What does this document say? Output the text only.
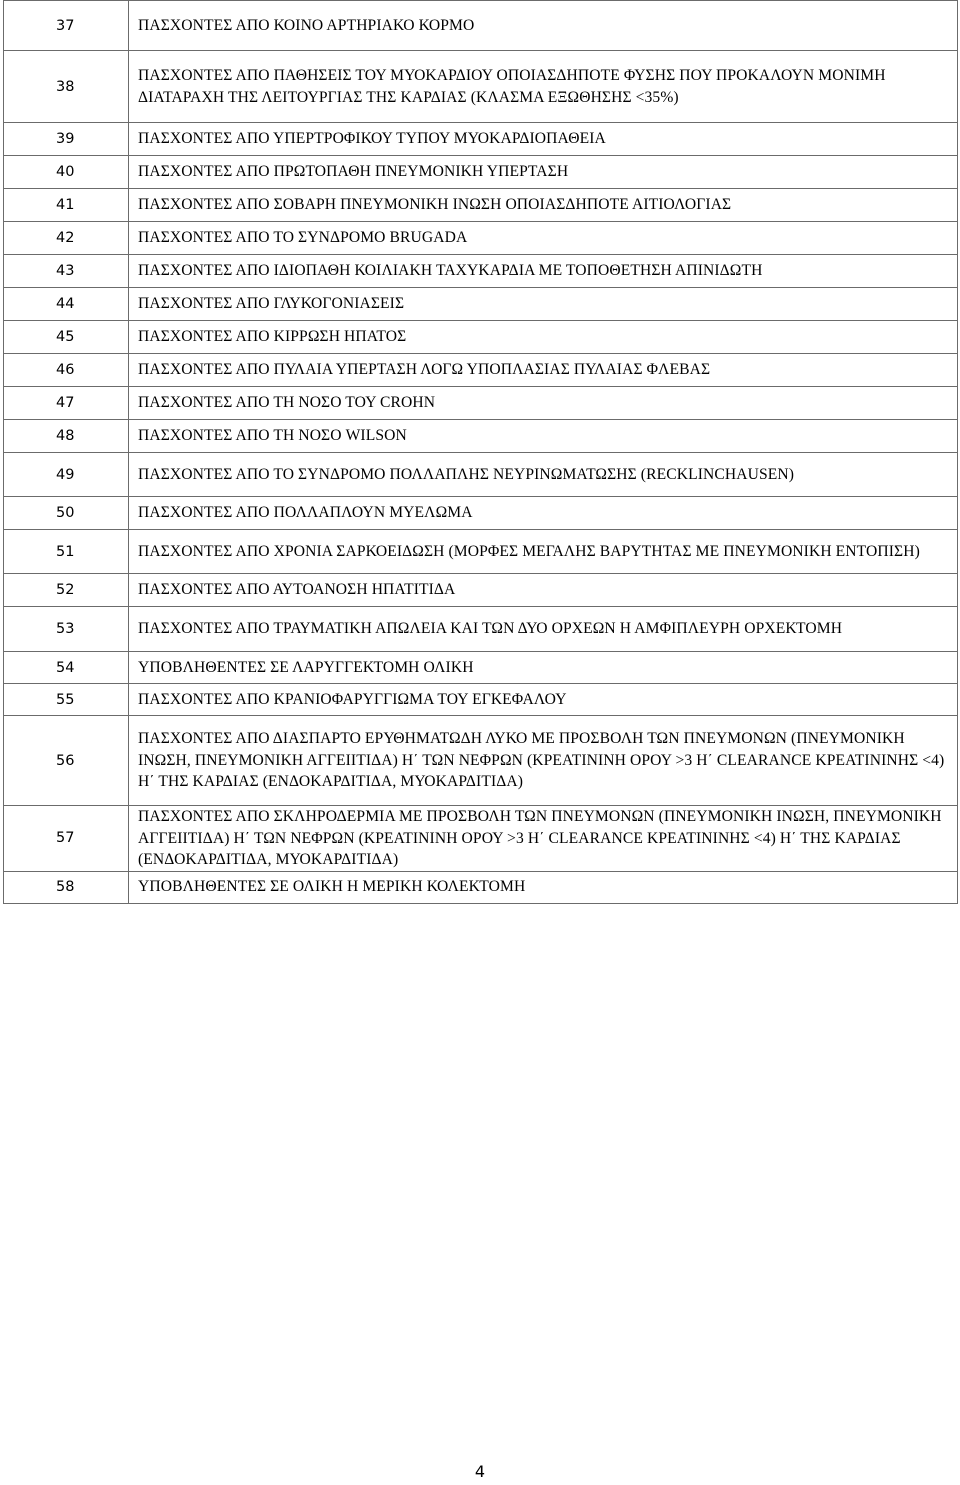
37	ΠΑΣΧΟΝΤΕΣ ΑΠΟ ΚΟΙΝΟ ΑΡΤΗΡΙΑΚΟ ΚΟΡΜΟ
38	ΠΑΣΧΟΝΤΕΣ ΑΠΟ ΠΑΘΗΣΕΙΣ ΤΟΥ ΜΥΟΚΑΡΔΙΟΥ ΟΠΟΙΑΣΔΗΠΟΤΕ ΦΥΣΗΣ ΠΟΥ ΠΡΟΚΑΛΟΥΝ ΜΟΝΙΜΗ ΔΙΑΤΑΡΑΧΗ ΤΗΣ ΛΕΙΤΟΥΡΓΙΑΣ ΤΗΣ ΚΑΡΔΙΑΣ (ΚΛΑΣΜΑ ΕΞΩΘΗΣΗΣ <35%)
39	ΠΑΣΧΟΝΤΕΣ ΑΠΟ ΥΠΕΡΤΡΟΦΙΚΟΥ ΤΥΠΟΥ ΜΥΟΚΑΡΔΙΟΠΑΘΕΙΑ
40	ΠΑΣΧΟΝΤΕΣ ΑΠΟ ΠΡΩΤΟΠΑΘΗ ΠΝΕΥΜΟΝΙΚΗ ΥΠΕΡΤΑΣΗ
41	ΠΑΣΧΟΝΤΕΣ ΑΠΟ ΣΟΒΑΡΗ ΠΝΕΥΜΟΝΙΚΗ ΙΝΩΣΗ ΟΠΟΙΑΣΔΗΠΟΤΕ ΑΙΤΙΟΛΟΓΙΑΣ
42	ΠΑΣΧΟΝΤΕΣ ΑΠΟ ΤΟ ΣΥΝΔΡΟΜΟ BRUGADA
43	ΠΑΣΧΟΝΤΕΣ ΑΠΟ ΙΔΙΟΠΑΘΗ ΚΟΙΛΙΑΚΗ ΤΑΧΥΚΑΡΔΙΑ ΜΕ ΤΟΠΟΘΕΤΗΣΗ ΑΠΙΝΙΔΩΤΗ
44	ΠΑΣΧΟΝΤΕΣ ΑΠΟ ΓΛΥΚΟΓΟΝΙΑΣΕΙΣ
45	ΠΑΣΧΟΝΤΕΣ ΑΠΟ ΚΙΡΡΩΣΗ ΗΠΑΤΟΣ
46	ΠΑΣΧΟΝΤΕΣ ΑΠΟ ΠΥΛΑΙΑ ΥΠΕΡΤΑΣΗ ΛΟΓΩ ΥΠΟΠΛΑΣΙΑΣ ΠΥΛΑΙΑΣ ΦΛΕΒΑΣ
47	ΠΑΣΧΟΝΤΕΣ ΑΠΟ ΤΗ ΝΟΣΟ ΤΟΥ CROHN
48	ΠΑΣΧΟΝΤΕΣ ΑΠΟ ΤΗ ΝΟΣΟ WILSON
49	ΠΑΣΧΟΝΤΕΣ ΑΠΟ ΤΟ ΣΥΝΔΡΟΜΟ ΠΟΛΛΑΠΛΗΣ ΝΕΥΡΙΝΩΜΑΤΩΣΗΣ (RECKLINCHAUSEN)
50	ΠΑΣΧΟΝΤΕΣ ΑΠΟ ΠΟΛΛΑΠΛΟΥΝ ΜΥΕΛΩΜΑ
51	ΠΑΣΧΟΝΤΕΣ ΑΠΟ ΧΡΟΝΙΑ ΣΑΡΚΟΕΙΔΩΣΗ (ΜΟΡΦΕΣ ΜΕΓΑΛΗΣ ΒΑΡΥΤΗΤΑΣ ΜΕ ΠΝΕΥΜΟΝΙΚΗ ΕΝΤΟΠΙΣΗ)
52	ΠΑΣΧΟΝΤΕΣ ΑΠΟ ΑΥΤΟΑΝΟΣΗ ΗΠΑΤΙΤΙΔΑ
53	ΠΑΣΧΟΝΤΕΣ ΑΠΟ ΤΡΑΥΜΑΤΙΚΗ ΑΠΩΛΕΙΑ ΚΑΙ ΤΩΝ ΔΥΟ ΟΡΧΕΩΝ Η ΑΜΦΙΠΛΕΥΡΗ ΟΡΧΕΚΤΟΜΗ
54	ΥΠΟΒΛΗΘΕΝΤΕΣ ΣΕ ΛΑΡΥΓΓΕΚΤΟΜΗ ΟΛΙΚΗ
55	ΠΑΣΧΟΝΤΕΣ ΑΠΟ ΚΡΑΝΙΟΦΑΡΥΓΓΙΩΜΑ ΤΟΥ ΕΓΚΕΦΑΛΟΥ
56	ΠΑΣΧΟΝΤΕΣ ΑΠΟ ΔΙΑΣΠΑΡΤΟ ΕΡΥΘΗΜΑΤΩΔΗ ΛΥΚΟ ΜΕ ΠΡΟΣΒΟΛΗ ΤΩΝ ΠΝΕΥΜΟΝΩΝ (ΠΝΕΥΜΟΝΙΚΗ ΙΝΩΣΗ, ΠΝΕΥΜΟΝΙΚΗ ΑΓΓΕΙΙΤΙΔΑ) Η΄ ΤΩΝ ΝΕΦΡΩΝ (ΚΡΕΑΤΙΝΙΝΗ ΟΡΟΥ >3 Η΄ CLEARANCE ΚΡΕΑΤΙΝΙΝΗΣ <4) Η΄ ΤΗΣ ΚΑΡΔΙΑΣ (ΕΝΔΟΚΑΡΔΙΤΙΔΑ, ΜΥΟΚΑΡΔΙΤΙΔΑ)
57	ΠΑΣΧΟΝΤΕΣ ΑΠΟ ΣΚΛΗΡΟΔΕΡΜΙΑ ΜΕ ΠΡΟΣΒΟΛΗ ΤΩΝ ΠΝΕΥΜΟΝΩΝ (ΠΝΕΥΜΟΝΙΚΗ ΙΝΩΣΗ, ΠΝΕΥΜΟΝΙΚΗ ΑΓΓΕΙΙΤΙΔΑ) Η΄ ΤΩΝ ΝΕΦΡΩΝ (ΚΡΕΑΤΙΝΙΝΗ ΟΡΟΥ >3 Η΄ CLEARANCE ΚΡΕΑΤΙΝΙΝΗΣ <4) Η΄ ΤΗΣ ΚΑΡΔΙΑΣ (ΕΝΔΟΚΑΡΔΙΤΙΔΑ, ΜΥΟΚΑΡΔΙΤΙΔΑ)
58	ΥΠΟΒΛΗΘΕΝΤΕΣ ΣΕ ΟΛΙΚΗ Η ΜΕΡΙΚΗ ΚΟΛΕΚΤΟΜΗ
4
